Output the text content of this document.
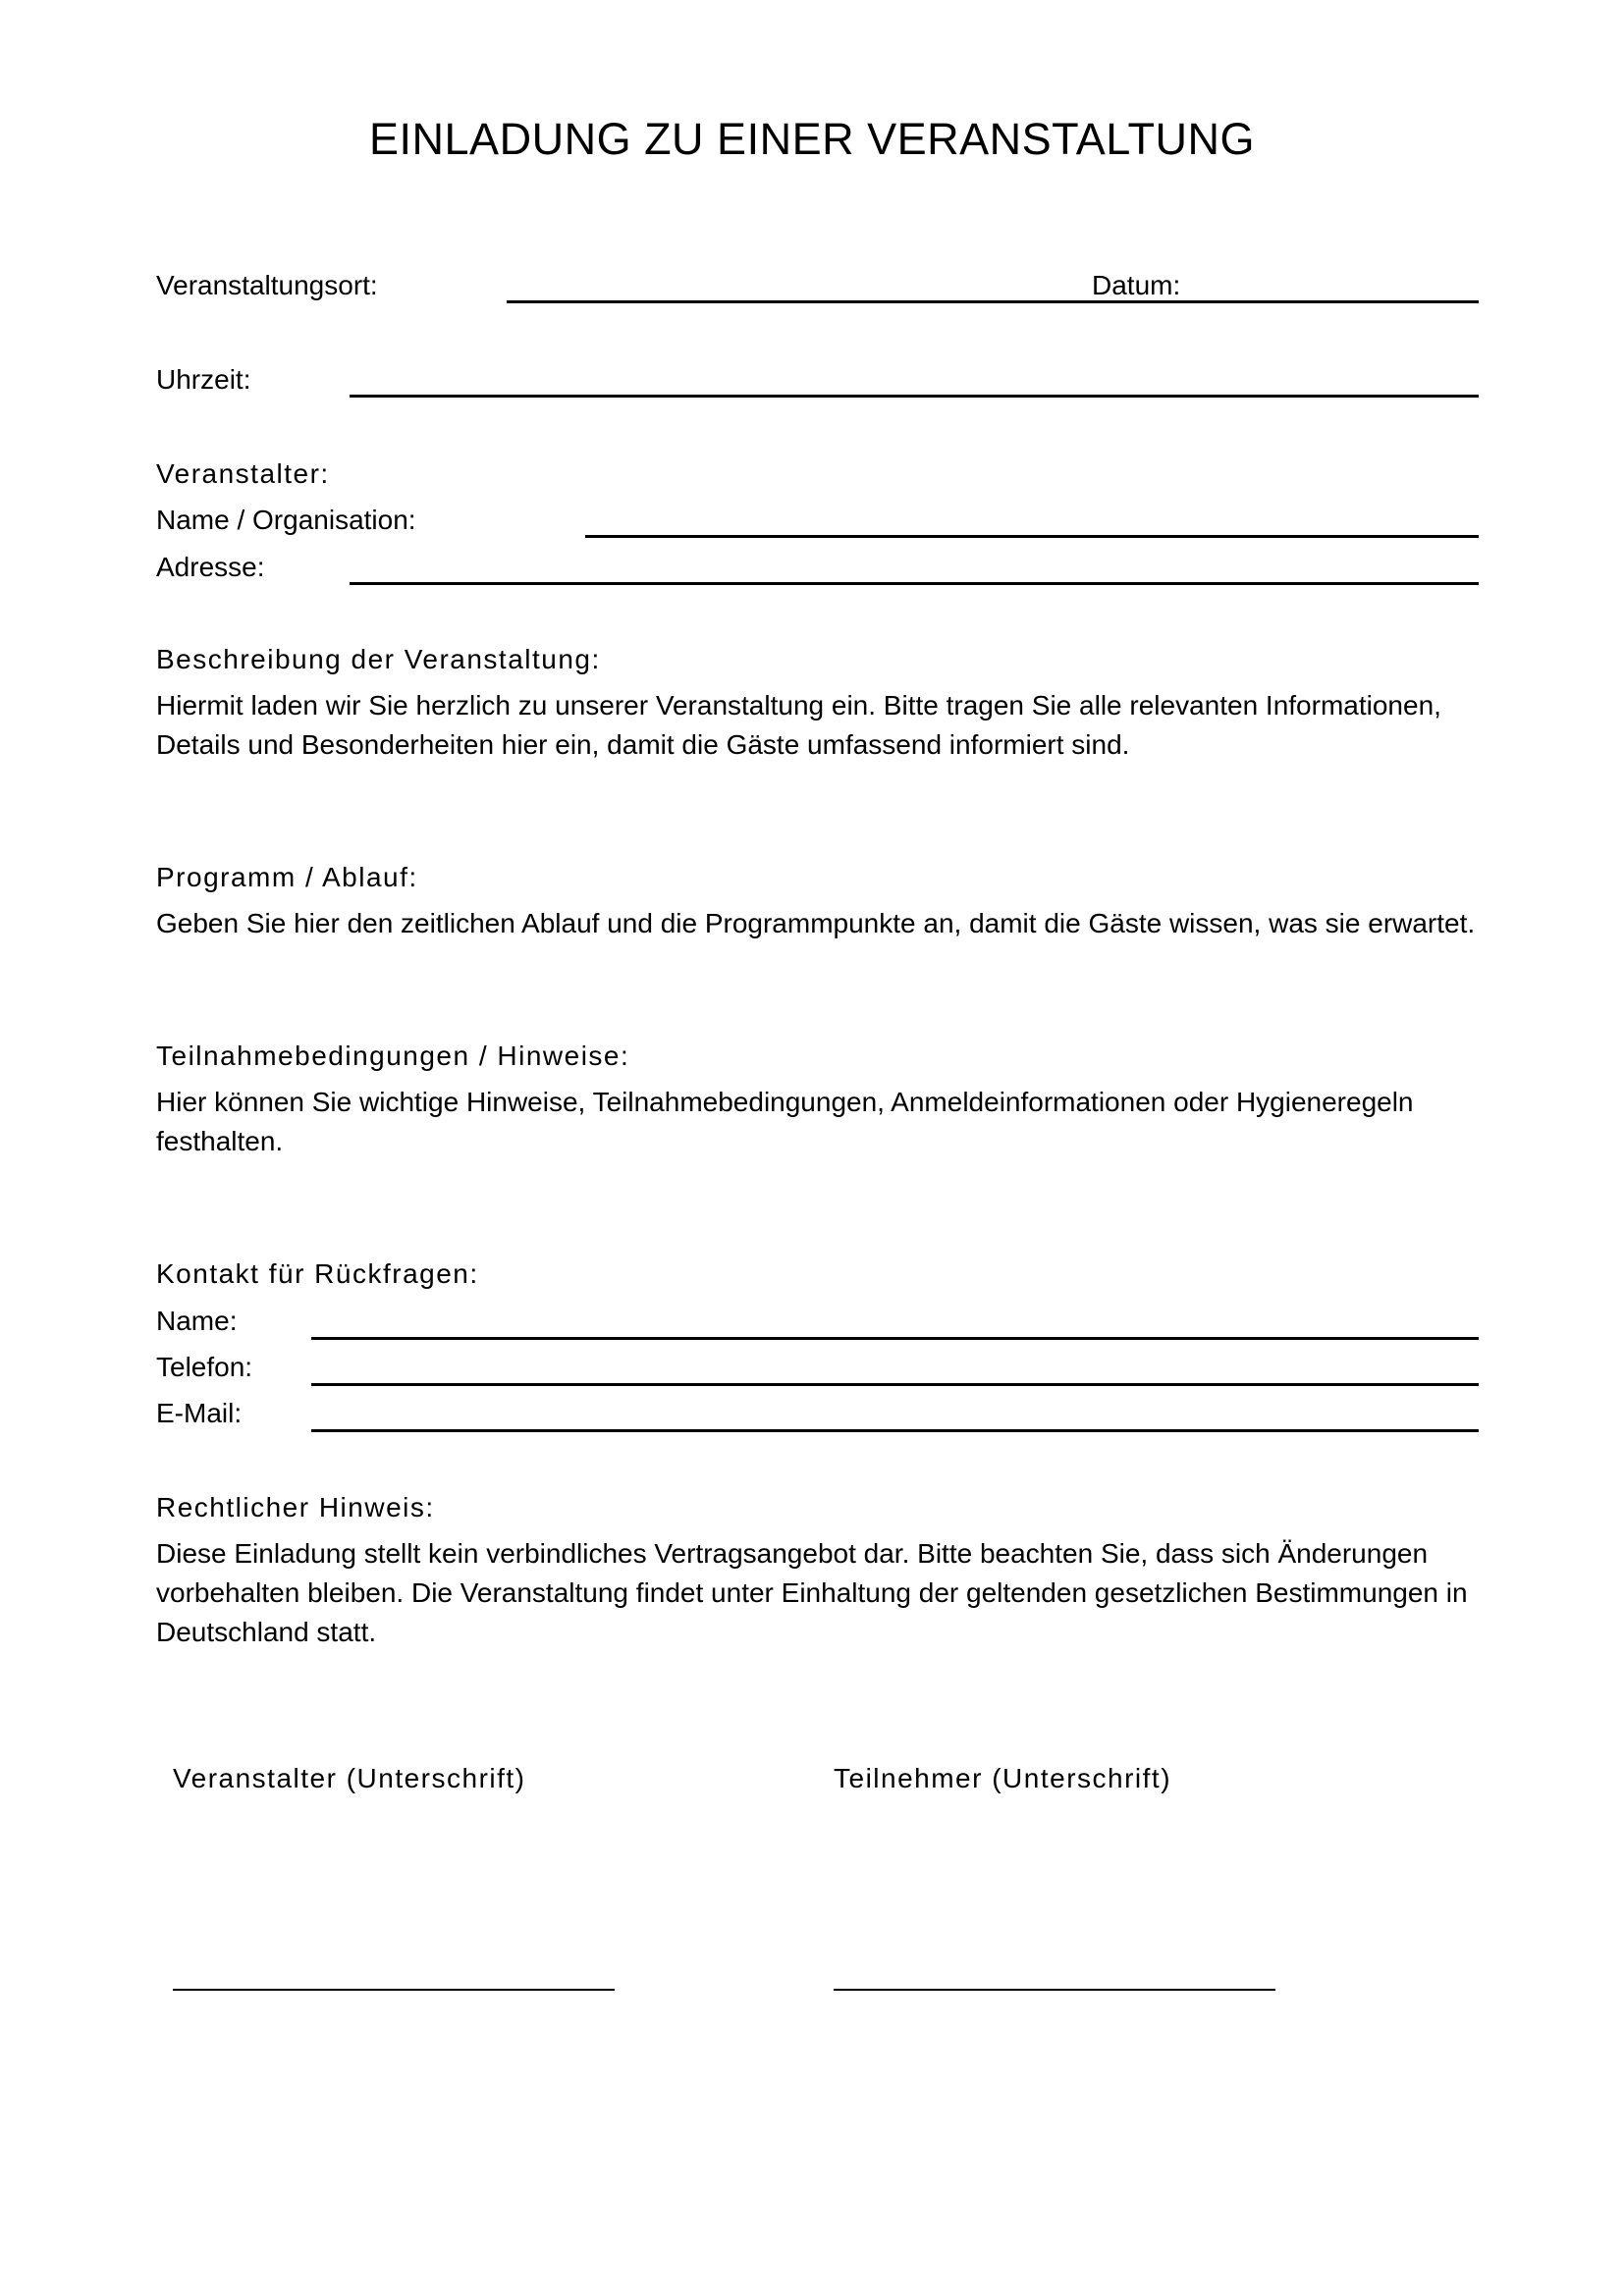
EINLADUNG ZU EINER VERANSTALTUNG
Veranstaltungsort:	Datum:
Uhrzeit:
Veranstalter:
Name / Organisation:
Adresse:
Beschreibung der Veranstaltung:
Hiermit laden wir Sie herzlich zu unserer Veranstaltung ein. Bitte tragen Sie alle relevanten Informationen, Details und Besonderheiten hier ein, damit die Gäste umfassend informiert sind.
Programm / Ablauf:
Geben Sie hier den zeitlichen Ablauf und die Programmpunkte an, damit die Gäste wissen, was sie erwartet.
Teilnahmebedingungen / Hinweise:
Hier können Sie wichtige Hinweise, Teilnahmebedingungen, Anmeldeinformationen oder Hygieneregeln festhalten.
Kontakt für Rückfragen:
Name:
Telefon:
E-Mail:
Rechtlicher Hinweis:
Diese Einladung stellt kein verbindliches Vertragsangebot dar. Bitte beachten Sie, dass sich Änderungen vorbehalten bleiben. Die Veranstaltung findet unter Einhaltung der geltenden gesetzlichen Bestimmungen in Deutschland statt.
Veranstalter (Unterschrift)	Teilnehmer (Unterschrift)
